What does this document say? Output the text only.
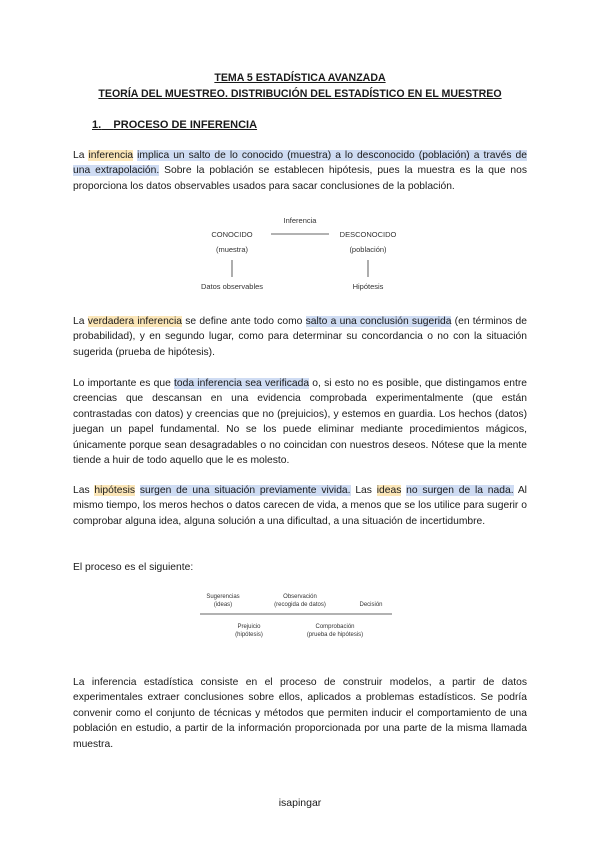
TEMA 5 ESTADÍSTICA AVANZADA
TEORÍA DEL MUESTREO. DISTRIBUCIÓN DEL ESTADÍSTICO EN EL MUESTREO
1. PROCESO DE INFERENCIA
La inferencia implica un salto de lo conocido (muestra) a lo desconocido (población) a través de una extrapolación. Sobre la población se establecen hipótesis, pues la muestra es la que nos proporciona los datos observables usados para sacar conclusiones de la población.
Inferencia
CONOCIDO
(muestra)
Datos observables
DESCONOCIDO
(población)
Hipótesis
La verdadera inferencia se define ante todo como salto a una conclusión sugerida (en términos de probabilidad), y en segundo lugar, como para determinar su concordancia o no con la situación sugerida (prueba de hipótesis).
Lo importante es que toda inferencia sea verificada o, si esto no es posible, que distingamos entre creencias que descansan en una evidencia comprobada experimentalmente (que están contrastadas con datos) y creencias que no (prejuicios), y estemos en guardia. Los hechos (datos) juegan un papel fundamental. No se los puede eliminar mediante procedimientos mágicos, únicamente porque sean desagradables o no coincidan con nuestros deseos. Nótese que la mente tiende a huir de todo aquello que le es molesto.
Las hipótesis surgen de una situación previamente vivida. Las ideas no surgen de la nada. Al mismo tiempo, los meros hechos o datos carecen de vida, a menos que se los utilice para sugerir o comprobar alguna idea, alguna solución a una dificultad, a una situación de incertidumbre.
El proceso es el siguiente:
Sugerencias
(ideas)
Observación
(recogida de datos)	Decisión
Prejuicio
(hipótesis)
Comprobación
(prueba de hipótesis)
La inferencia estadística consiste en el proceso de construir modelos, a partir de datos experimentales extraer conclusiones sobre ellos, aplicados a problemas estadísticos. Se podría convenir como el conjunto de técnicas y métodos que permiten inducir el comportamiento de una población en estudio, a partir de la información proporcionada por una parte de la misma llamada muestra.
isapingar
